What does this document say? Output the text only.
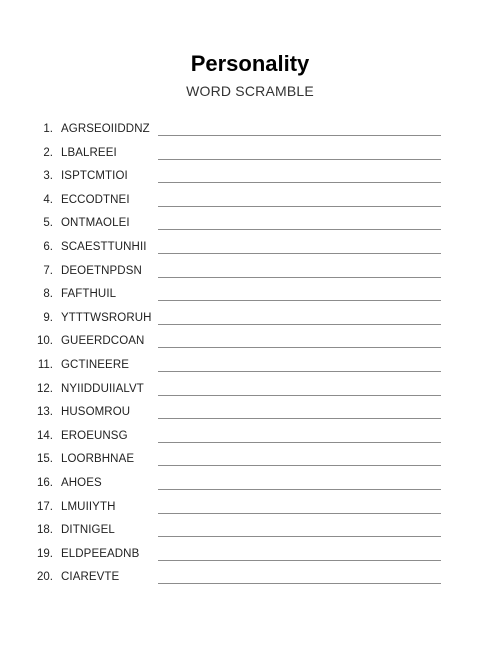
Personality
WORD SCRAMBLE
1. AGRSEOIIDDNZ
2. LBALREEI
3. ISPTCMTIOI
4. ECCODTNEI
5. ONTMAOLEI
6. SCAESTTUNHII
7. DEOETNPDSN
8. FAFTHUIL
9. YTTTWSRORUH
10. GUEERDCOAN
11. GCTINEERE
12. NYIIDDUIIALVT
13. HUSOMROU
14. EROEUNSG
15. LOORBHNAE
16. AHOES
17. LMUIIYTH
18. DITNIGEL
19. ELDPEEADNB
20. CIAREVTE
